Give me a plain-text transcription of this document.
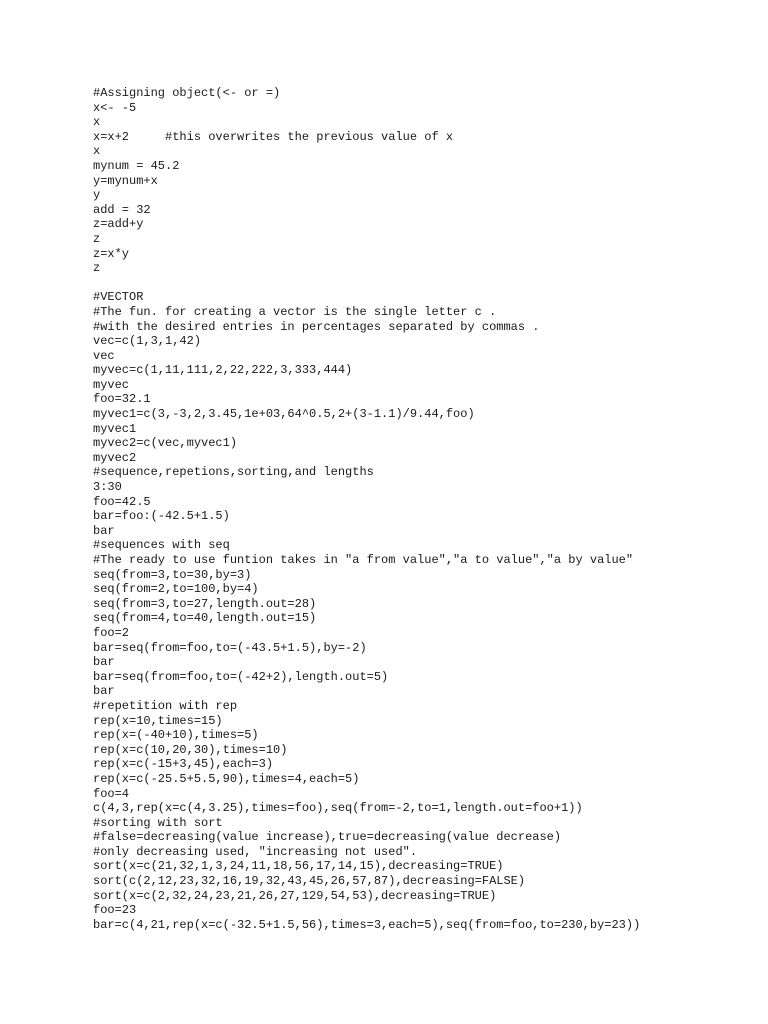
#Assigning object(<- or =)
x<- -5
x
x=x+2     #this overwrites the previous value of x
x
mynum = 45.2
y=mynum+x
y
add = 32
z=add+y
z
z=x*y
z
#VECTOR
#The fun. for creating a vector is the single letter c .
#with the desired entries in percentages separated by commas .
vec=c(1,3,1,42)
vec
myvec=c(1,11,111,2,22,222,3,333,444)
myvec
foo=32.1
myvec1=c(3,-3,2,3.45,1e+03,64^0.5,2+(3-1.1)/9.44,foo)
myvec1
myvec2=c(vec,myvec1)
myvec2
#sequence,repetions,sorting,and lengths
3:30
foo=42.5
bar=foo:(-42.5+1.5)
bar
#sequences with seq
#The ready to use funtion takes in "a from value","a to value","a by value"
seq(from=3,to=30,by=3)
seq(from=2,to=100,by=4)
seq(from=3,to=27,length.out=28)
seq(from=4,to=40,length.out=15)
foo=2
bar=seq(from=foo,to=(-43.5+1.5),by=-2)
bar
bar=seq(from=foo,to=(-42+2),length.out=5)
bar
#repetition with rep
rep(x=10,times=15)
rep(x=(-40+10),times=5)
rep(x=c(10,20,30),times=10)
rep(x=c(-15+3,45),each=3)
rep(x=c(-25.5+5.5,90),times=4,each=5)
foo=4
c(4,3,rep(x=c(4,3.25),times=foo),seq(from=-2,to=1,length.out=foo+1))
#sorting with sort
#false=decreasing(value increase),true=decreasing(value decrease)
#only decreasing used, "increasing not used".
sort(x=c(21,32,1,3,24,11,18,56,17,14,15),decreasing=TRUE)
sort(c(2,12,23,32,16,19,32,43,45,26,57,87),decreasing=FALSE)
sort(x=c(2,32,24,23,21,26,27,129,54,53),decreasing=TRUE)
foo=23
bar=c(4,21,rep(x=c(-32.5+1.5,56),times=3,each=5),seq(from=foo,to=230,by=23))
